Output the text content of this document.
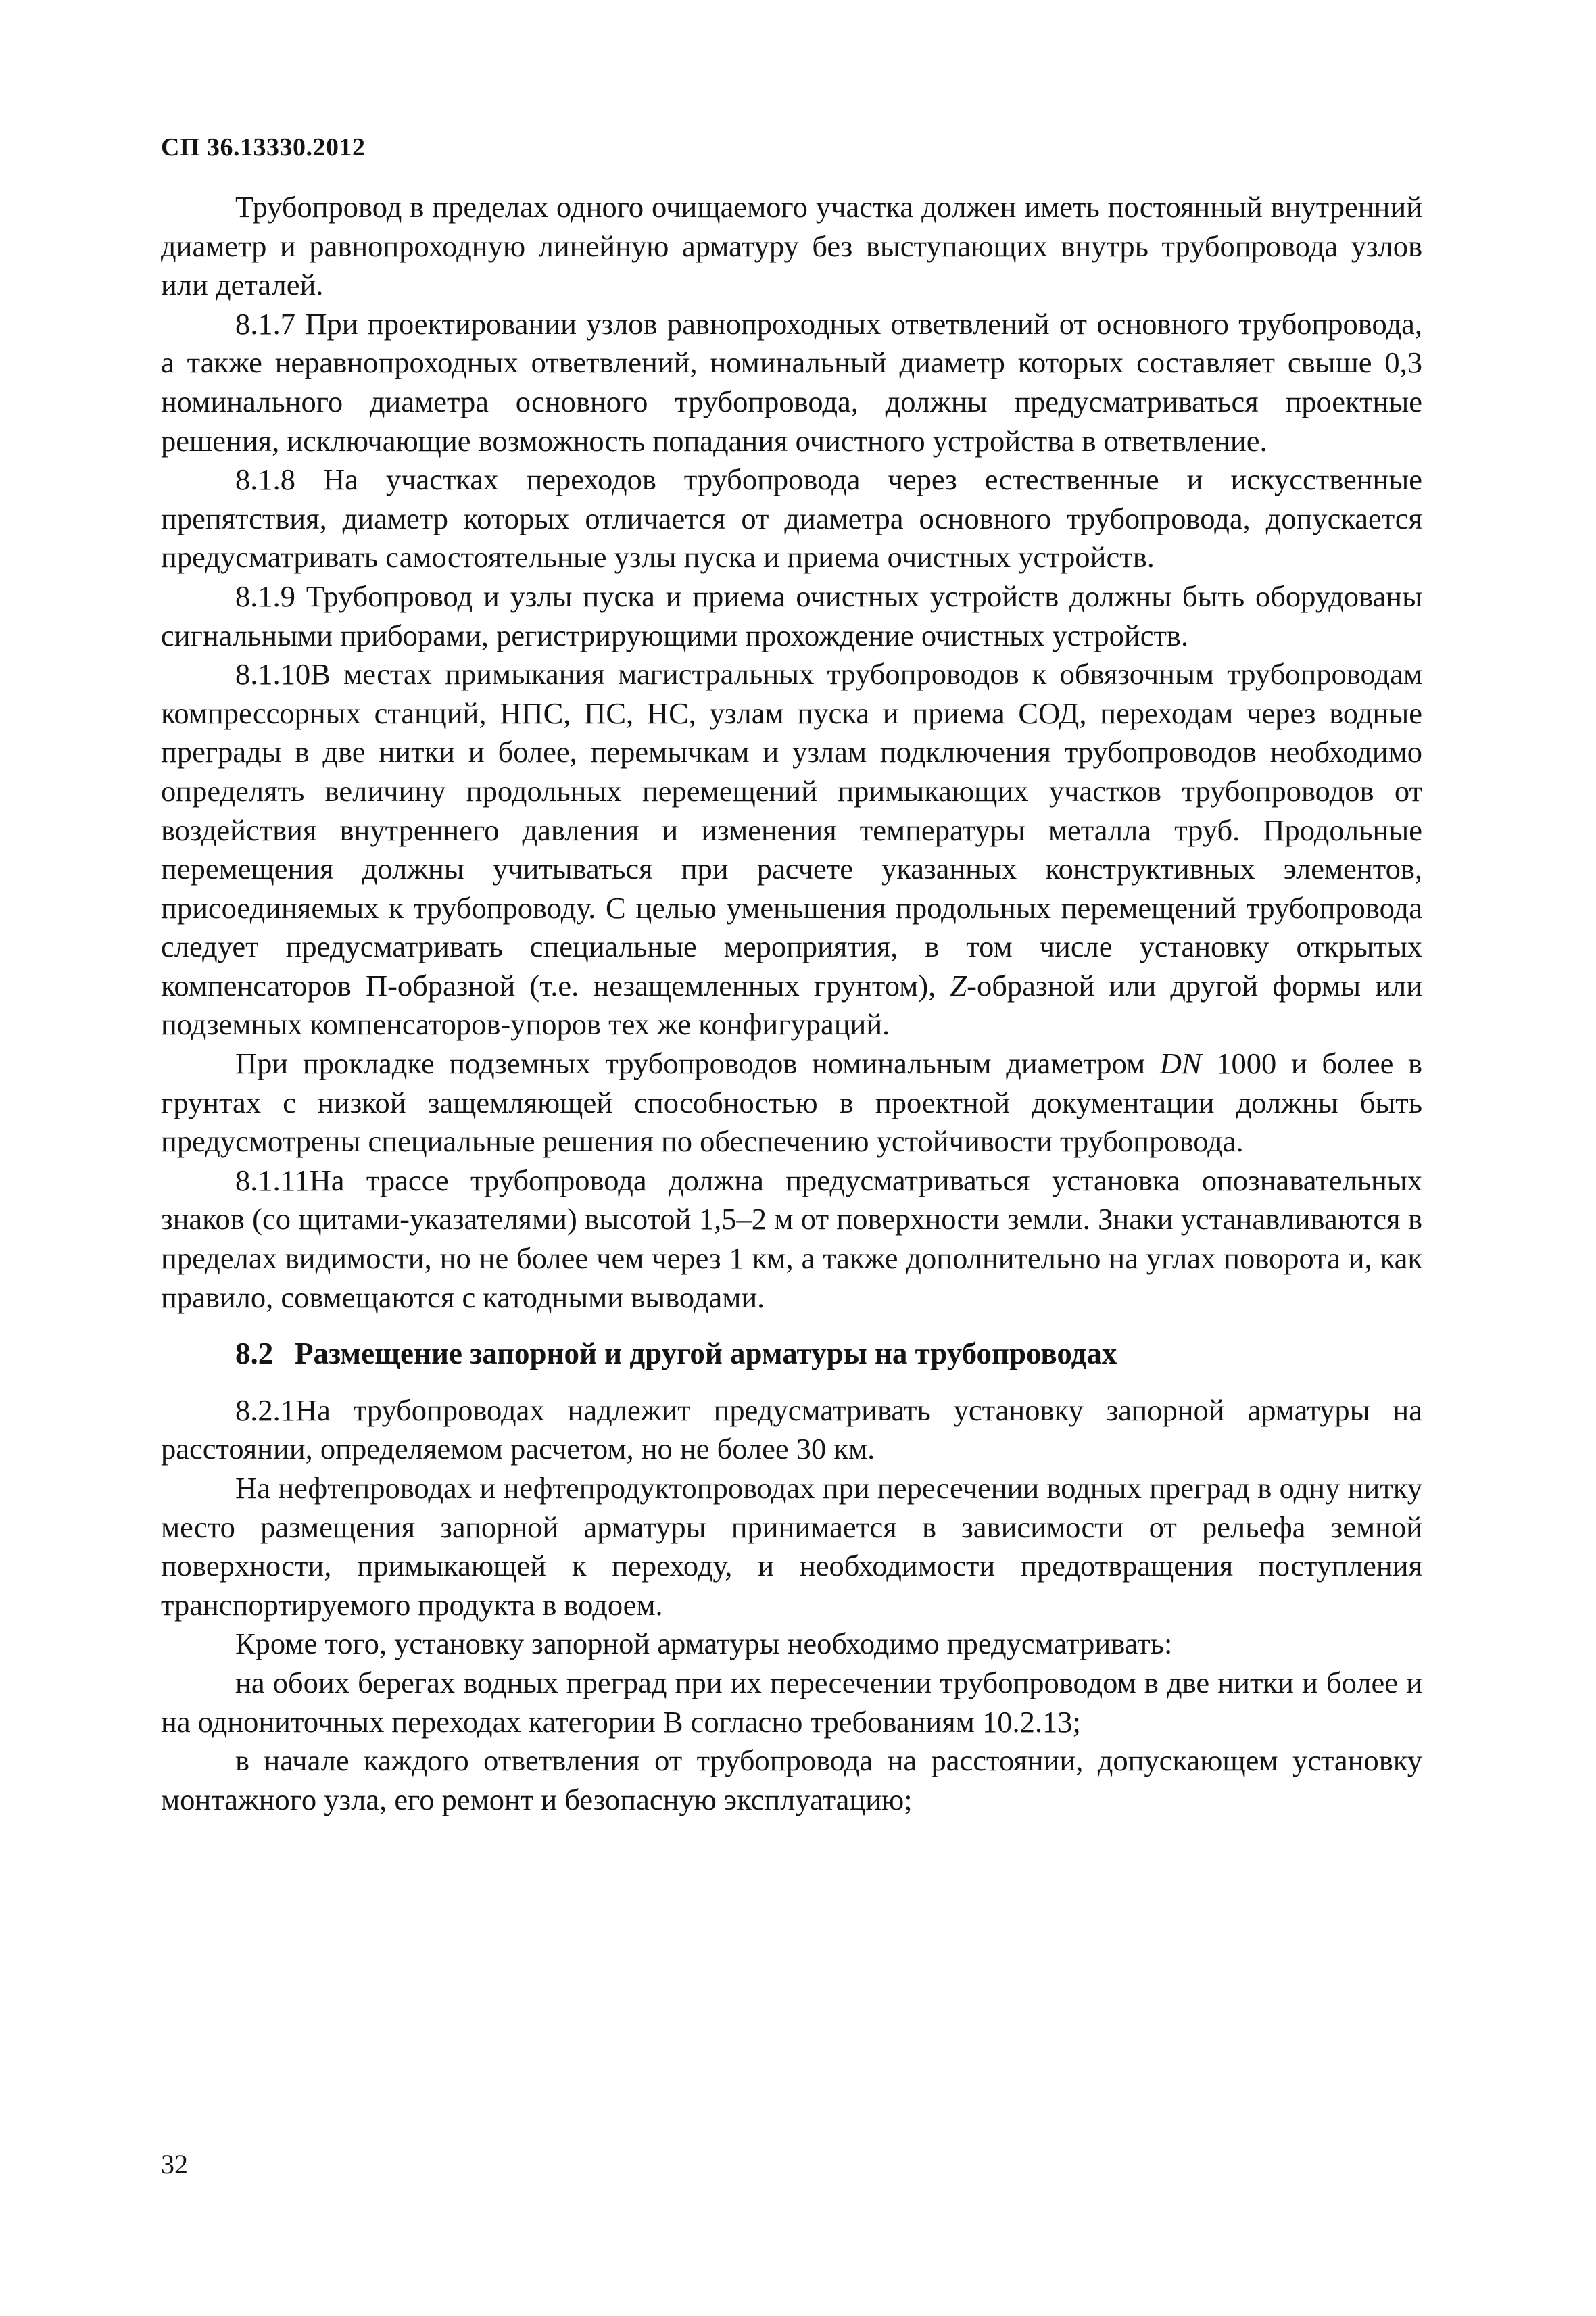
СП 36.13330.2012

Трубопровод в пределах одного очищаемого участка должен иметь постоянный внутренний диаметр и равнопроходную линейную арматуру без выступающих внутрь трубопровода узлов или деталей.

8.1.7 При проектировании узлов равнопроходных ответвлений от основного трубопровода, а также неравнопроходных ответвлений, номинальный диаметр которых составляет свыше 0,3 номинального диаметра основного трубопровода, должны предусматриваться проектные решения, исключающие возможность попадания очистного устройства в ответвление.

8.1.8 На участках переходов трубопровода через естественные и искусственные препятствия, диаметр которых отличается от диаметра основного трубопровода, допускается предусматривать самостоятельные узлы пуска и приема очистных устройств.

8.1.9 Трубопровод и узлы пуска и приема очистных устройств должны быть оборудованы сигнальными приборами, регистрирующими прохождение очистных устройств.

8.1.10В местах примыкания магистральных трубопроводов к обвязочным трубопроводам компрессорных станций, НПС, ПС, НС, узлам пуска и приема СОД, переходам через водные преграды в две нитки и более, перемычкам и узлам подключения трубопроводов необходимо определять величину продольных перемещений примыкающих участков трубопроводов от воздействия внутреннего давления и изменения температуры металла труб. Продольные перемещения должны учитываться при расчете указанных конструктивных элементов, присоединяемых к трубопроводу. С целью уменьшения продольных перемещений трубопровода следует предусматривать специальные мероприятия, в том числе установку открытых компенсаторов П-образной (т.е. незащемленных грунтом), Z-образной или другой формы или подземных компенсаторов-упоров тех же конфигураций.

При прокладке подземных трубопроводов номинальным диаметром DN 1000 и более в грунтах с низкой защемляющей способностью в проектной документации должны быть предусмотрены специальные решения по обеспечению устойчивости трубопровода.

8.1.11На трассе трубопровода должна предусматриваться установка опознавательных знаков (со щитами-указателями) высотой 1,5–2 м от поверхности земли. Знаки устанавливаются в пределах видимости, но не более чем через 1 км, а также дополнительно на углах поворота и, как правило, совмещаются с катодными выводами.

8.2 Размещение запорной и другой арматуры на трубопроводах

8.2.1На трубопроводах надлежит предусматривать установку запорной арматуры на расстоянии, определяемом расчетом, но не более 30 км.

На нефтепроводах и нефтепродуктопроводах при пересечении водных преград в одну нитку место размещения запорной арматуры принимается в зависимости от рельефа земной поверхности, примыкающей к переходу, и необходимости предотвращения поступления транспортируемого продукта в водоем.

Кроме того, установку запорной арматуры необходимо предусматривать:

на обоих берегах водных преград при их пересечении трубопроводом в две нитки и более и на однониточных переходах категории В согласно требованиям 10.2.13;

в начале каждого ответвления от трубопровода на расстоянии, допускающем установку монтажного узла, его ремонт и безопасную эксплуатацию;

32
